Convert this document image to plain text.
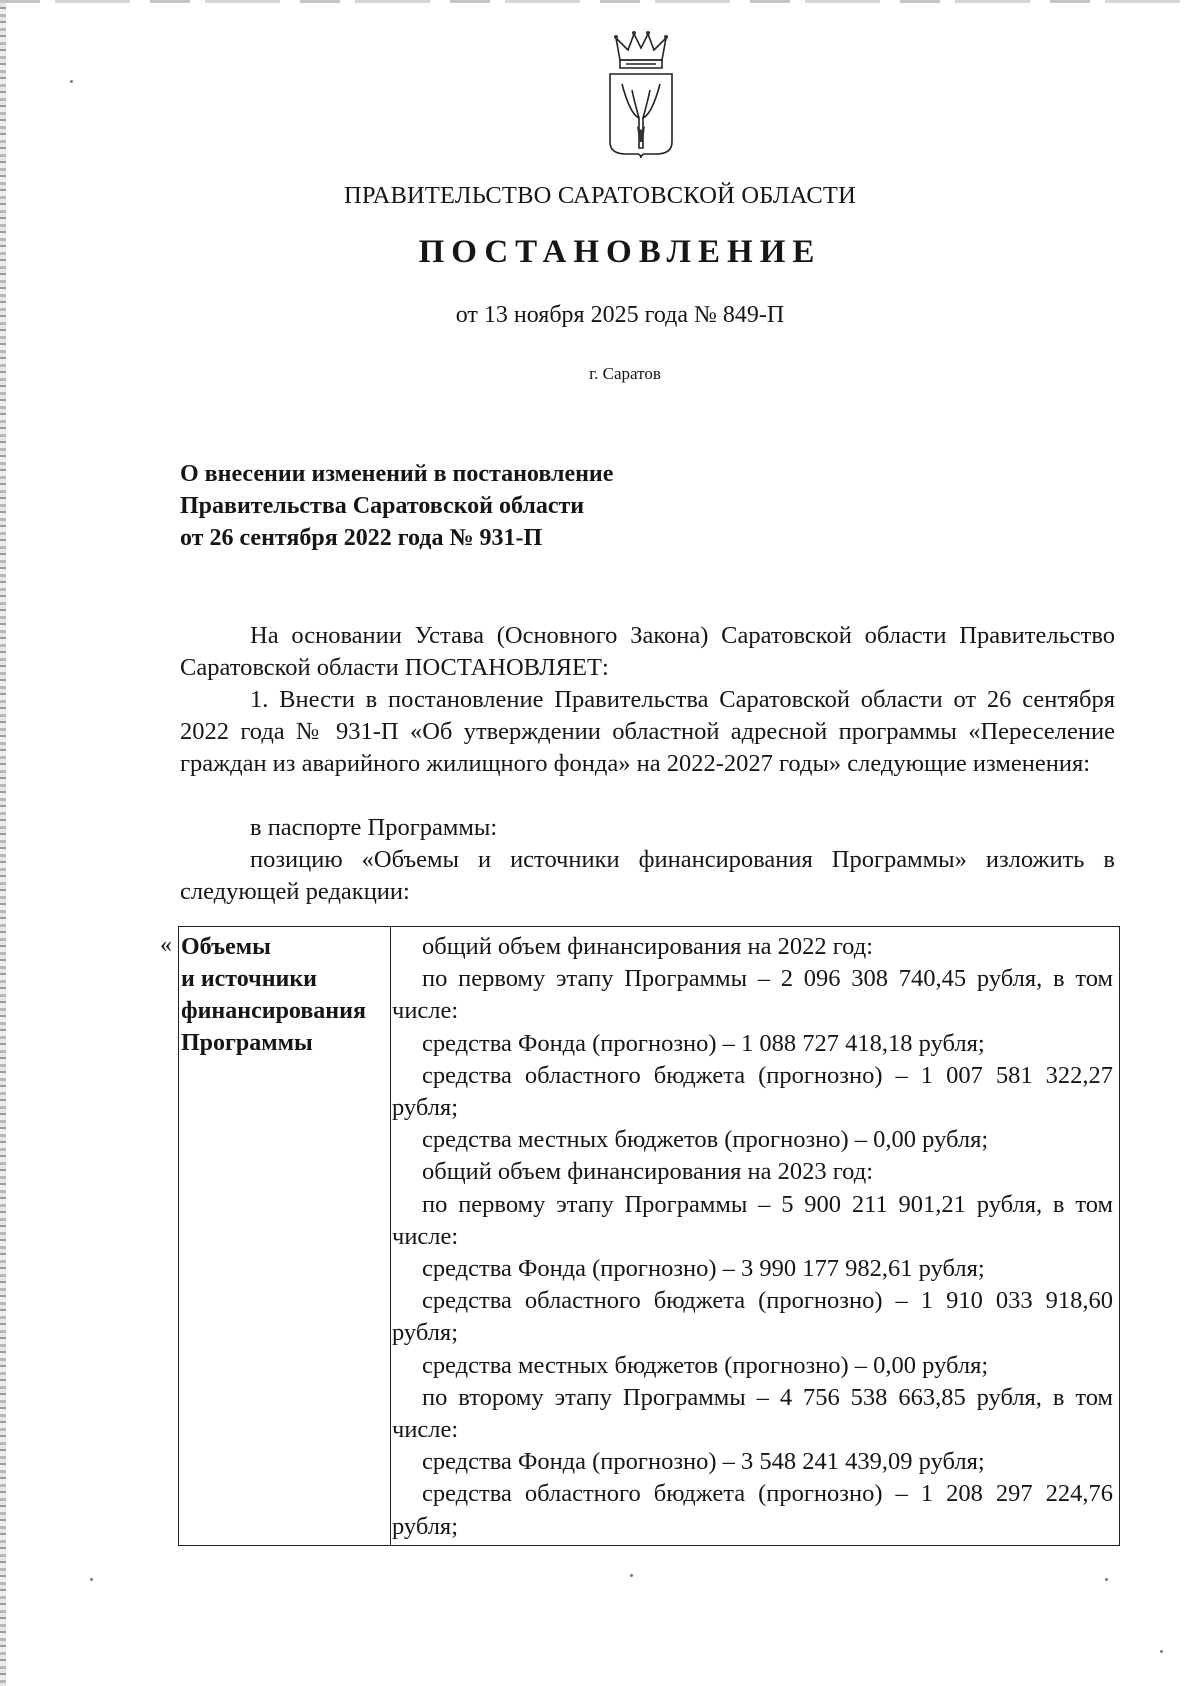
ПРАВИТЕЛЬСТВО САРАТОВСКОЙ ОБЛАСТИ
ПОСТАНОВЛЕНИЕ
от 13 ноября 2025 года № 849-П
г. Саратов
О внесении изменений в постановление
Правительства Саратовской области
от 26 сентября 2022 года № 931-П
На основании Устава (Основного Закона) Саратовской области Правительство Саратовской области ПОСТАНОВЛЯЕТ:
1. Внести в постановление Правительства Саратовской области от 26 сентября 2022 года № 931-П «Об утверждении областной адресной программы «Переселение граждан из аварийного жилищного фонда» на 2022-2027 годы» следующие изменения:
в паспорте Программы:
позицию «Объемы и источники финансирования Программы» изложить в следующей редакции:
« Объемы
и источники
финансирования
Программы
общий объем финансирования на 2022 год:
по первому этапу Программы – 2 096 308 740,45 рубля, в том числе:
средства Фонда (прогнозно) – 1 088 727 418,18 рубля;
средства областного бюджета (прогнозно) – 1 007 581 322,27 рубля;
средства местных бюджетов (прогнозно) – 0,00 рубля;
общий объем финансирования на 2023 год:
по первому этапу Программы – 5 900 211 901,21 рубля, в том числе:
средства Фонда (прогнозно) – 3 990 177 982,61 рубля;
средства областного бюджета (прогнозно) – 1 910 033 918,60 рубля;
средства местных бюджетов (прогнозно) – 0,00 рубля;
по второму этапу Программы – 4 756 538 663,85 рубля, в том числе:
средства Фонда (прогнозно) – 3 548 241 439,09 рубля;
средства областного бюджета (прогнозно) – 1 208 297 224,76 рубля;
